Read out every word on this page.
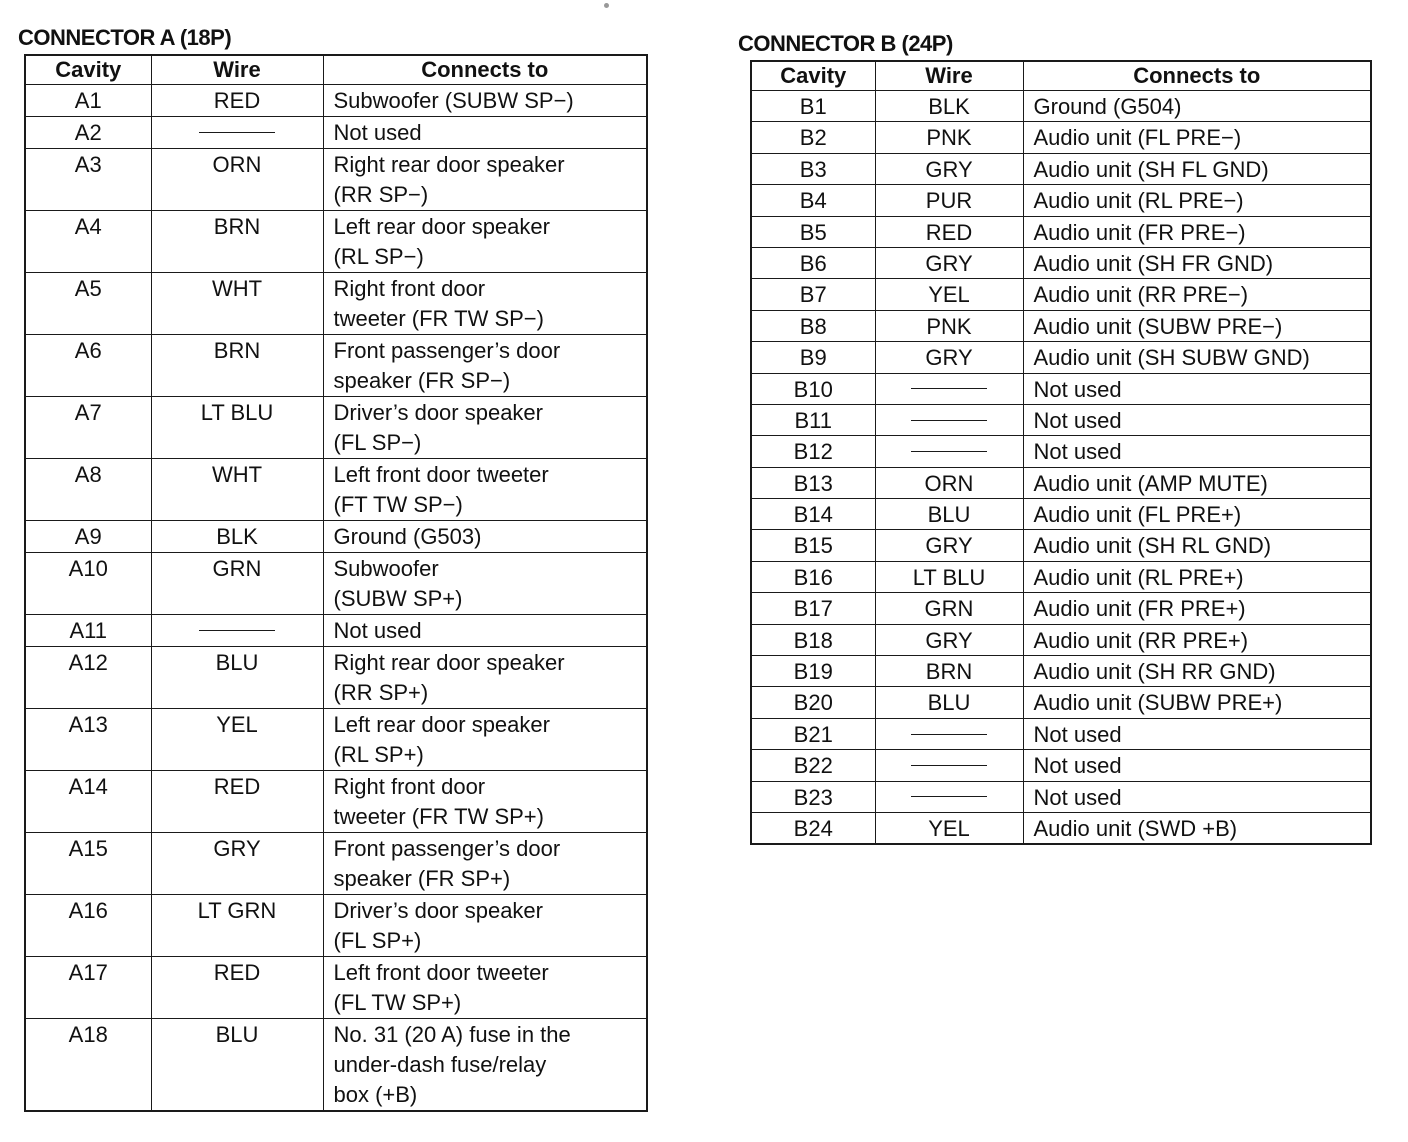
CONNECTOR A (18P)
Cavity	Wire	Connects to
A1	RED	Subwoofer (SUBW SP−)
A2		Not used
A3	ORN	Right rear door speaker
(RR SP−)
A4	BRN	Left rear door speaker
(RL SP−)
A5	WHT	Right front door
tweeter (FR TW SP−)
A6	BRN	Front passenger’s door
speaker (FR SP−)
A7	LT BLU	Driver’s door speaker
(FL SP−)
A8	WHT	Left front door tweeter
(FT TW SP−)
A9	BLK	Ground (G503)
A10	GRN	Subwoofer
(SUBW SP+)
A11		Not used
A12	BLU	Right rear door speaker
(RR SP+)
A13	YEL	Left rear door speaker
(RL SP+)
A14	RED	Right front door
tweeter (FR TW SP+)
A15	GRY	Front passenger’s door
speaker (FR SP+)
A16	LT GRN	Driver’s door speaker
(FL SP+)
A17	RED	Left front door tweeter
(FL TW SP+)
A18	BLU	No. 31 (20 A) fuse in the
under-dash fuse/relay
box (+B)
CONNECTOR B (24P)
Cavity	Wire	Connects to
B1	BLK	Ground (G504)
B2	PNK	Audio unit (FL PRE−)
B3	GRY	Audio unit (SH FL GND)
B4	PUR	Audio unit (RL PRE−)
B5	RED	Audio unit (FR PRE−)
B6	GRY	Audio unit (SH FR GND)
B7	YEL	Audio unit (RR PRE−)
B8	PNK	Audio unit (SUBW PRE−)
B9	GRY	Audio unit (SH SUBW GND)
B10		Not used
B11		Not used
B12		Not used
B13	ORN	Audio unit (AMP MUTE)
B14	BLU	Audio unit (FL PRE+)
B15	GRY	Audio unit (SH RL GND)
B16	LT BLU	Audio unit (RL PRE+)
B17	GRN	Audio unit (FR PRE+)
B18	GRY	Audio unit (RR PRE+)
B19	BRN	Audio unit (SH RR GND)
B20	BLU	Audio unit (SUBW PRE+)
B21		Not used
B22		Not used
B23		Not used
B24	YEL	Audio unit (SWD +B)
